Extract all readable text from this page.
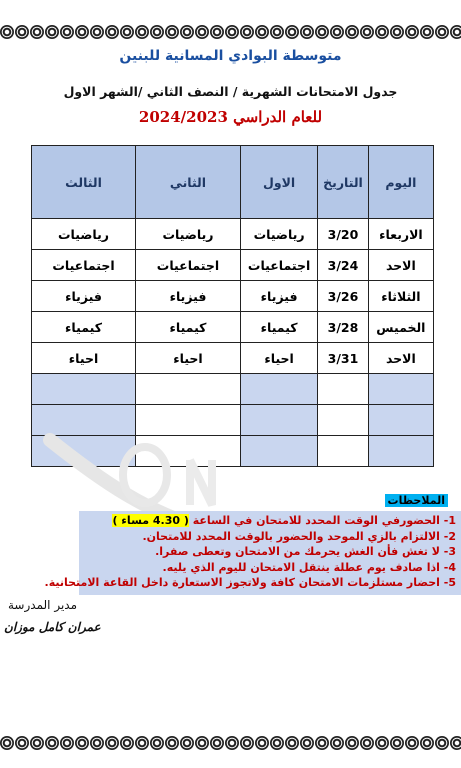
متوسطة البوادي المسانية للبنين
جدول الامتحانات الشهرية / النصف الثاني /الشهر الاول
للعام الدراسي 2024/2023
اليوم	التاريخ	الاول	الثاني	الثالث
الاربعاء	3/20	رياضيات	رياضيات	رياضيات
الاحد	3/24	اجتماعيات	اجتماعيات	اجتماعيات
الثلاثاء	3/26	فيزياء	فيزياء	فيزياء
الخميس	3/28	كيمياء	كيمياء	كيمياء
الاحد	3/31	احياء	احياء	احياء

الملاحظات
1- الحضورفي الوقت المحدد للامتحان في الساعة ( 4.30 مساء )
2- الالتزام بالزي الموحد والحضور بالوقت المحدد للامتحان.
3- لا تغش فأن الغش يحرمك من الامتحان وتعطى صفرا.
4- اذا صادف يوم عطلة ينتقل الامتحان لليوم الذي يليه.
5- احضار مستلزمات الامتحان كافة ولاتجوز الاستعارة داخل القاعة الامتحانية.
مدير المدرسة
عمران كامل موزان
